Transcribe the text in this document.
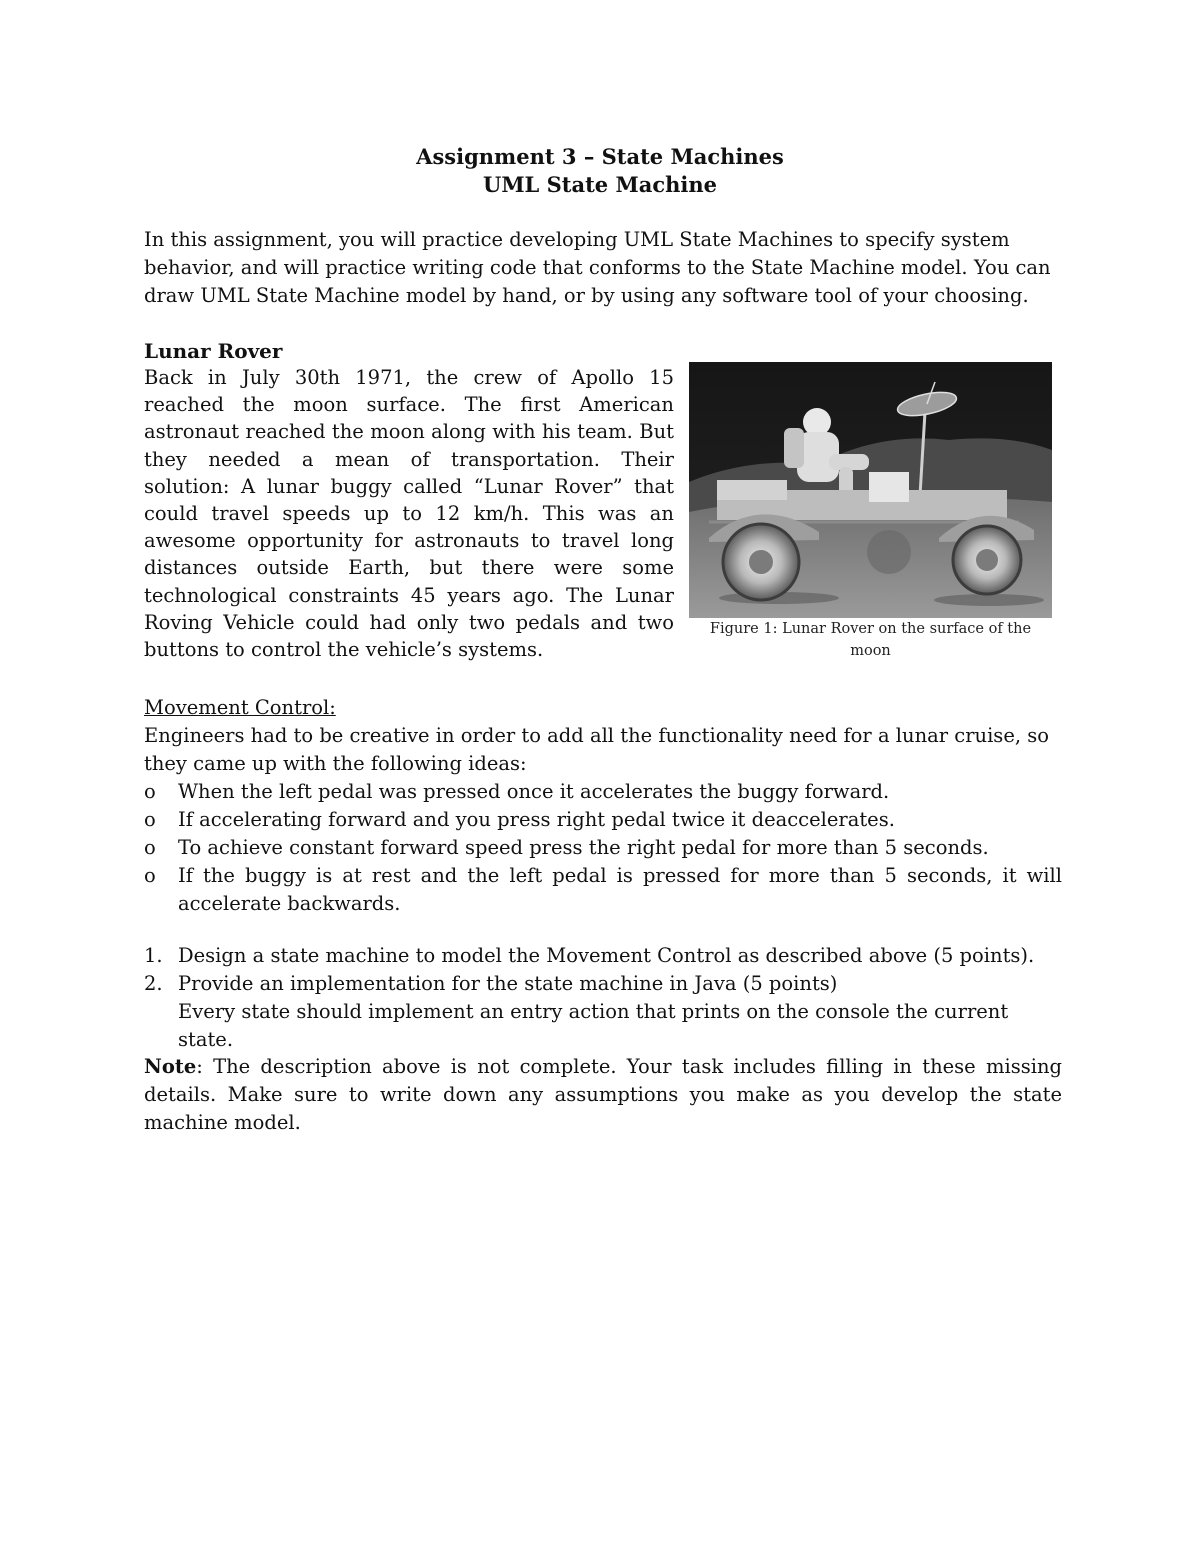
Assignment 3 – State Machines
UML State Machine
In this assignment, you will practice developing UML State Machines to specify system behavior, and will practice writing code that conforms to the State Machine model. You can draw UML State Machine model by hand, or by using any software tool of your choosing.
Lunar Rover
Back in July 30th 1971, the crew of Apollo 15 reached the moon surface. The first American astronaut reached the moon along with his team. But they needed a mean of transportation. Their solution: A lunar buggy called “Lunar Rover” that could travel speeds up to 12 km/h. This was an awesome opportunity for astronauts to travel long distances outside Earth, but there were some technological constraints 45 years ago. The Lunar Roving Vehicle could had only two pedals and two buttons to control the vehicle’s systems.
Figure 1: Lunar Rover on the surface of the moon
Movement Control:
Engineers had to be creative in order to add all the functionality need for a lunar cruise, so they came up with the following ideas:
o When the left pedal was pressed once it accelerates the buggy forward.
o If accelerating forward and you press right pedal twice it deaccelerates.
o To achieve constant forward speed press the right pedal for more than 5 seconds.
o If the buggy is at rest and the left pedal is pressed for more than 5 seconds, it will accelerate backwards.
1. Design a state machine to model the Movement Control as described above (5 points).
2. Provide an implementation for the state machine in Java (5 points)
Every state should implement an entry action that prints on the console the current state.
Note: The description above is not complete. Your task includes filling in these missing details. Make sure to write down any assumptions you make as you develop the state machine model.
